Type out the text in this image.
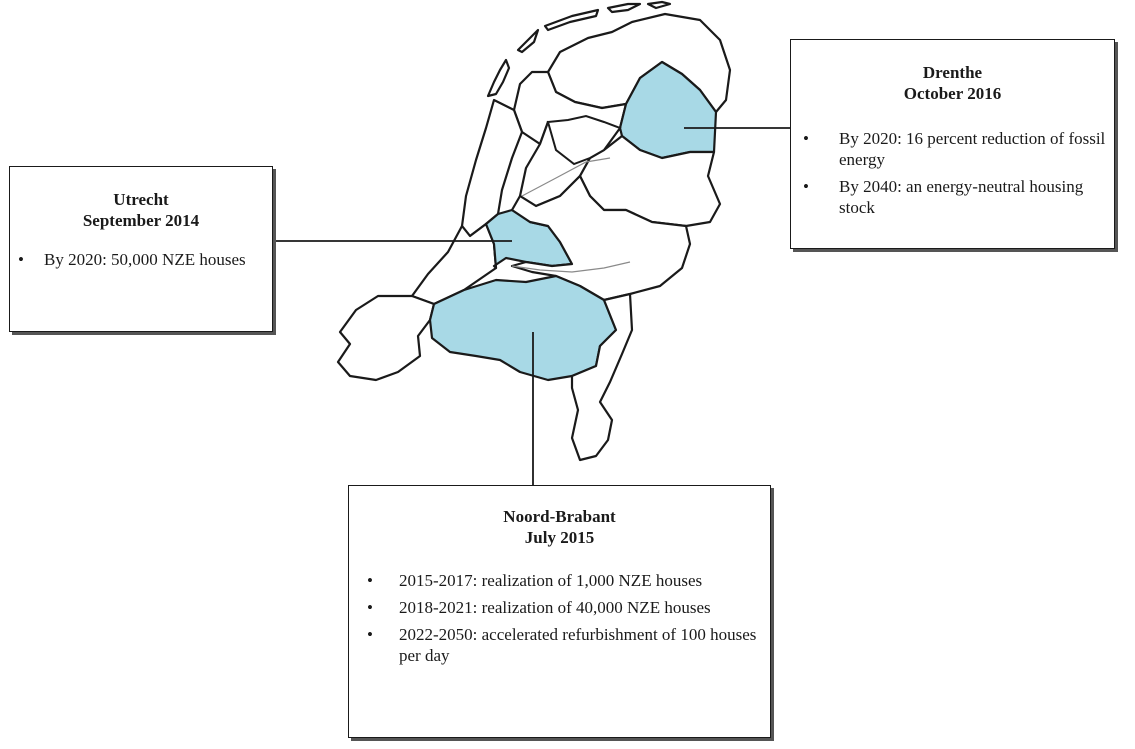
Utrecht
September 2014
• By 2020: 50,000 NZE houses
Drenthe
October 2016
• By 2020: 16 percent reduction of fossil energy
• By 2040: an energy-neutral housing stock
Noord-Brabant
July 2015
• 2015-2017: realization of 1,000 NZE houses
• 2018-2021: realization of 40,000 NZE houses
• 2022-2050: accelerated refurbishment of 100 houses per day
